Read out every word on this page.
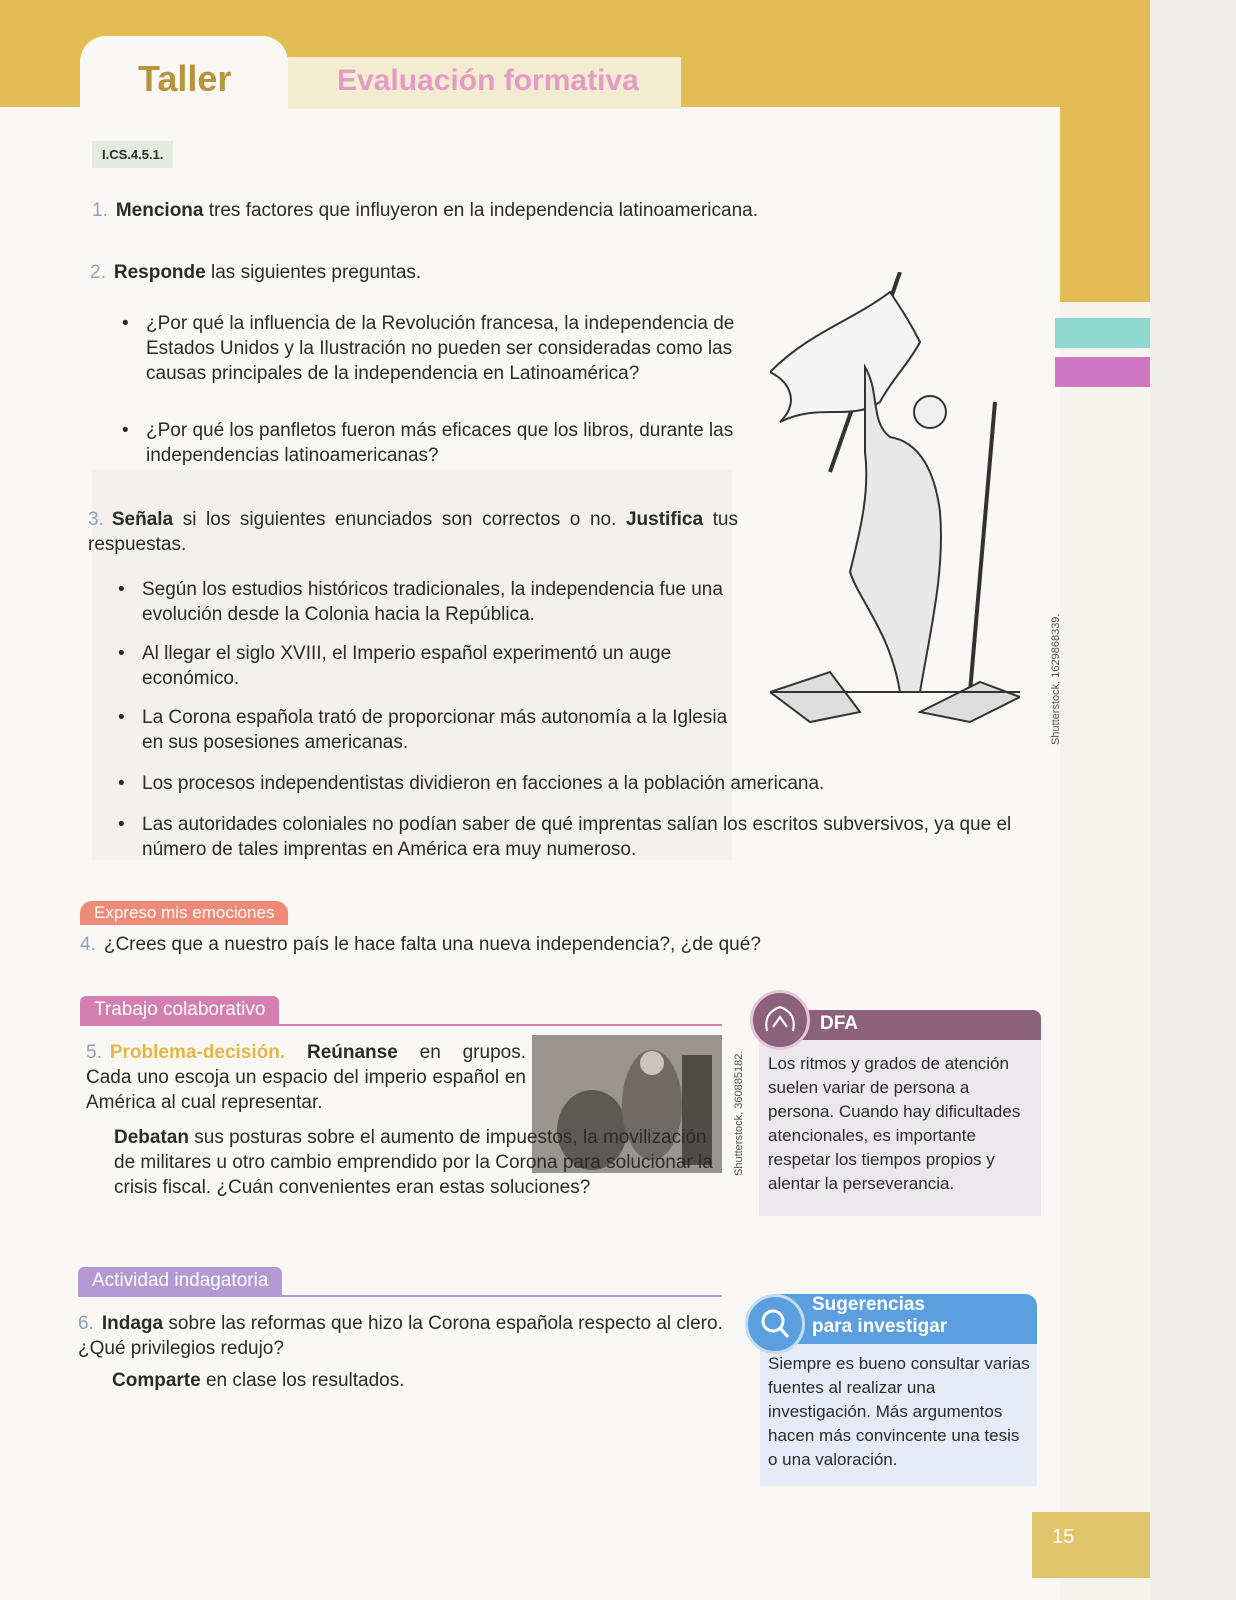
Taller	Evaluación formativa
I.CS.4.5.1.
1. Menciona tres factores que influyeron en la independencia latinoamericana.
2. Responde las siguientes preguntas.
• ¿Por qué la influencia de la Revolución francesa, la independencia de Estados Unidos y la Ilustración no pueden ser consideradas como las causas principales de la independencia en Latinoamérica?
• ¿Por qué los panfletos fueron más eficaces que los libros, durante las independencias latinoamericanas?
3. Señala si los siguientes enunciados son correctos o no. Justifica tus respuestas.
• Según los estudios históricos tradicionales, la independencia fue una evolución desde la Colonia hacia la República.
• Al llegar el siglo XVIII, el Imperio español experimentó un auge económico.
• La Corona española trató de proporcionar más autonomía a la Iglesia en sus posesiones americanas.
• Los procesos independentistas dividieron en facciones a la población americana.
• Las autoridades coloniales no podían saber de qué imprentas salían los escritos subversivos, ya que el número de tales imprentas en América era muy numeroso.
Shutterstock, 1629868339.
Expreso mis emociones
4. ¿Crees que a nuestro país le hace falta una nueva independencia?, ¿de qué?
Trabajo colaborativo
Shutterstock, 360885182.
5. Problema-decisión. Reúnanse en grupos. Cada uno escoja un espacio del imperio español en América al cual representar.
Debatan sus posturas sobre el aumento de impuestos, la movilización de militares u otro cambio emprendido por la Corona para solucionar la crisis fiscal. ¿Cuán convenientes eran estas soluciones?
DFA
Los ritmos y grados de atención suelen variar de persona a persona. Cuando hay dificultades atencionales, es importante respetar los tiempos propios y alentar la perseverancia.
Actividad indagatoria
6. Indaga sobre las reformas que hizo la Corona española respecto al clero. ¿Qué privilegios redujo?
Comparte en clase los resultados.
Sugerencias
para investigar
Siempre es bueno consultar varias fuentes al realizar una investigación. Más argumentos hacen más convincente una tesis o una valoración.
15
